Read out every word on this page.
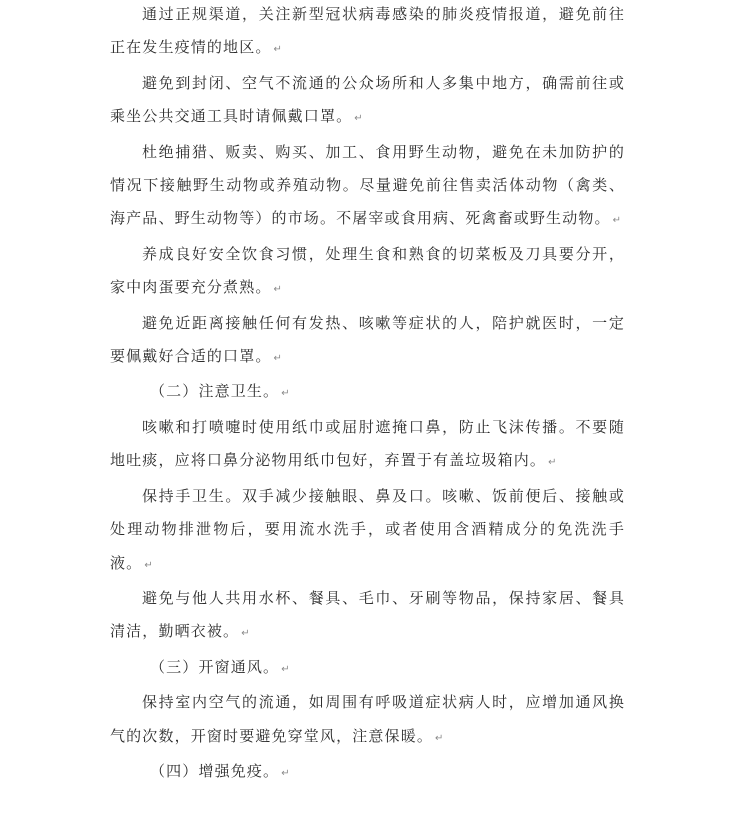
通过正规渠道，关注新型冠状病毒感染的肺炎疫情报道，避免前往正在发生疫情的地区。 ↵

避免到封闭、空气不流通的公众场所和人多集中地方，确需前往或乘坐公共交通工具时请佩戴口罩。 ↵

杜绝捕猎、贩卖、购买、加工、食用野生动物，避免在未加防护的情况下接触野生动物或养殖动物。尽量避免前往售卖活体动物（禽类、海产品、野生动物等）的市场。不屠宰或食用病、死禽畜或野生动物。 ↵

养成良好安全饮食习惯，处理生食和熟食的切菜板及刀具要分开，家中肉蛋要充分煮熟。 ↵

避免近距离接触任何有发热、咳嗽等症状的人，陪护就医时，一定要佩戴好合适的口罩。 ↵

（二）注意卫生。 ↵

咳嗽和打喷嚏时使用纸巾或屈肘遮掩口鼻，防止飞沫传播。不要随地吐痰，应将口鼻分泌物用纸巾包好，弃置于有盖垃圾箱内。 ↵

保持手卫生。双手减少接触眼、鼻及口。咳嗽、饭前便后、接触或处理动物排泄物后，要用流水洗手，或者使用含酒精成分的免洗洗手液。 ↵

避免与他人共用水杯、餐具、毛巾、牙刷等物品，保持家居、餐具清洁，勤晒衣被。 ↵

（三）开窗通风。 ↵

保持室内空气的流通，如周围有呼吸道症状病人时，应增加通风换气的次数，开窗时要避免穿堂风，注意保暖。 ↵

（四）增强免疫。 ↵
